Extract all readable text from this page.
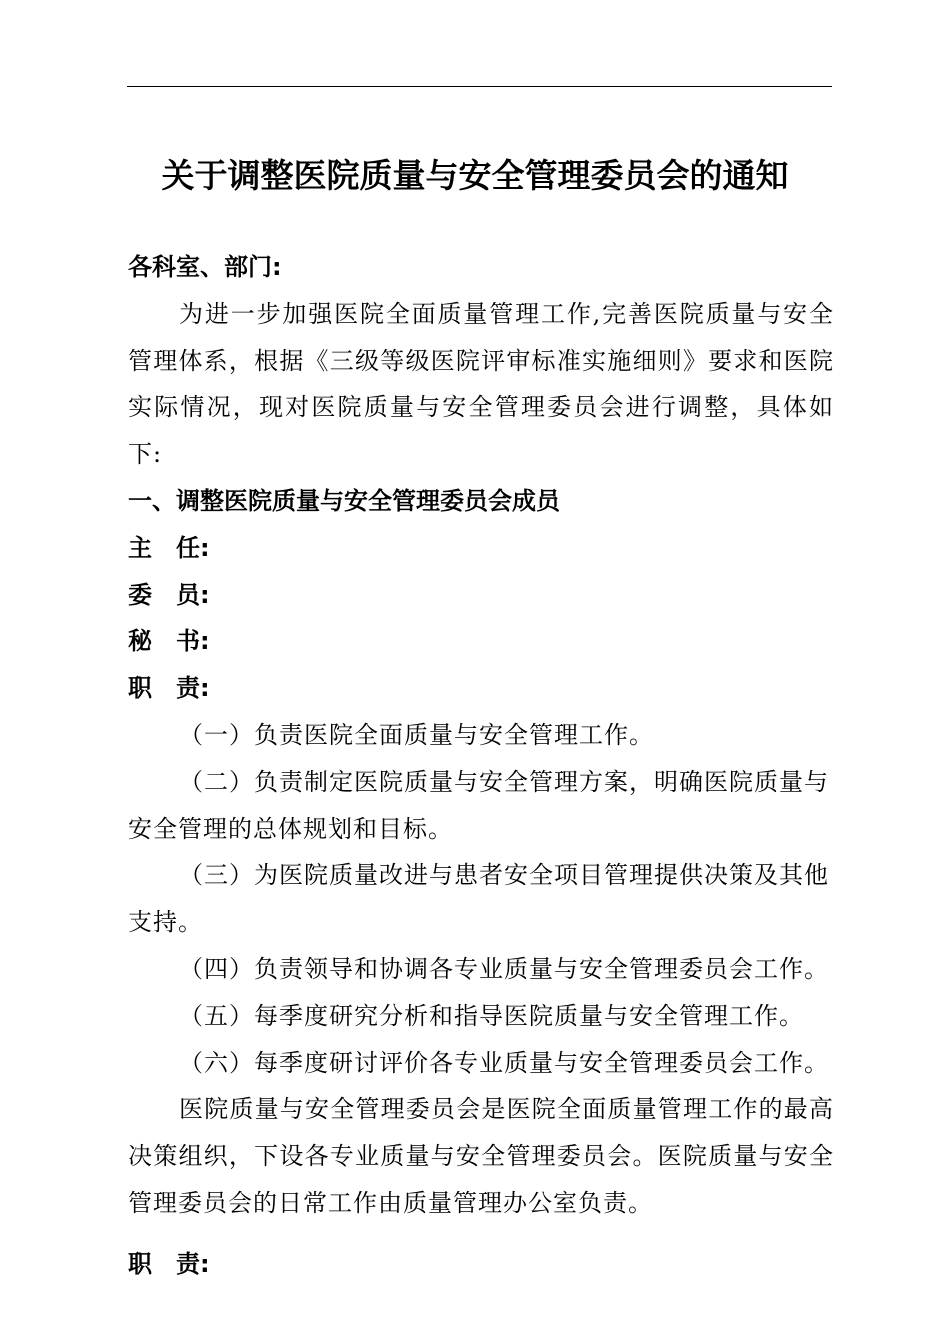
关于调整医院质量与安全管理委员会的通知

各科室、部门:

为进一步加强医院全面质量管理工作,完善医院质量与安全管理体系，根据《三级等级医院评审标准实施细则》要求和医院实际情况，现对医院质量与安全管理委员会进行调整，具体如下:

一、调整医院质量与安全管理委员会成员

主　任:

委　员:

秘　书:

职　责:

（一）负责医院全面质量与安全管理工作。

（二）负责制定医院质量与安全管理方案，明确医院质量与安全管理的总体规划和目标。

（三）为医院质量改进与患者安全项目管理提供决策及其他支持。

（四）负责领导和协调各专业质量与安全管理委员会工作。

（五）每季度研究分析和指导医院质量与安全管理工作。

（六）每季度研讨评价各专业质量与安全管理委员会工作。

医院质量与安全管理委员会是医院全面质量管理工作的最高决策组织，下设各专业质量与安全管理委员会。医院质量与安全管理委员会的日常工作由质量管理办公室负责。

职　责:
